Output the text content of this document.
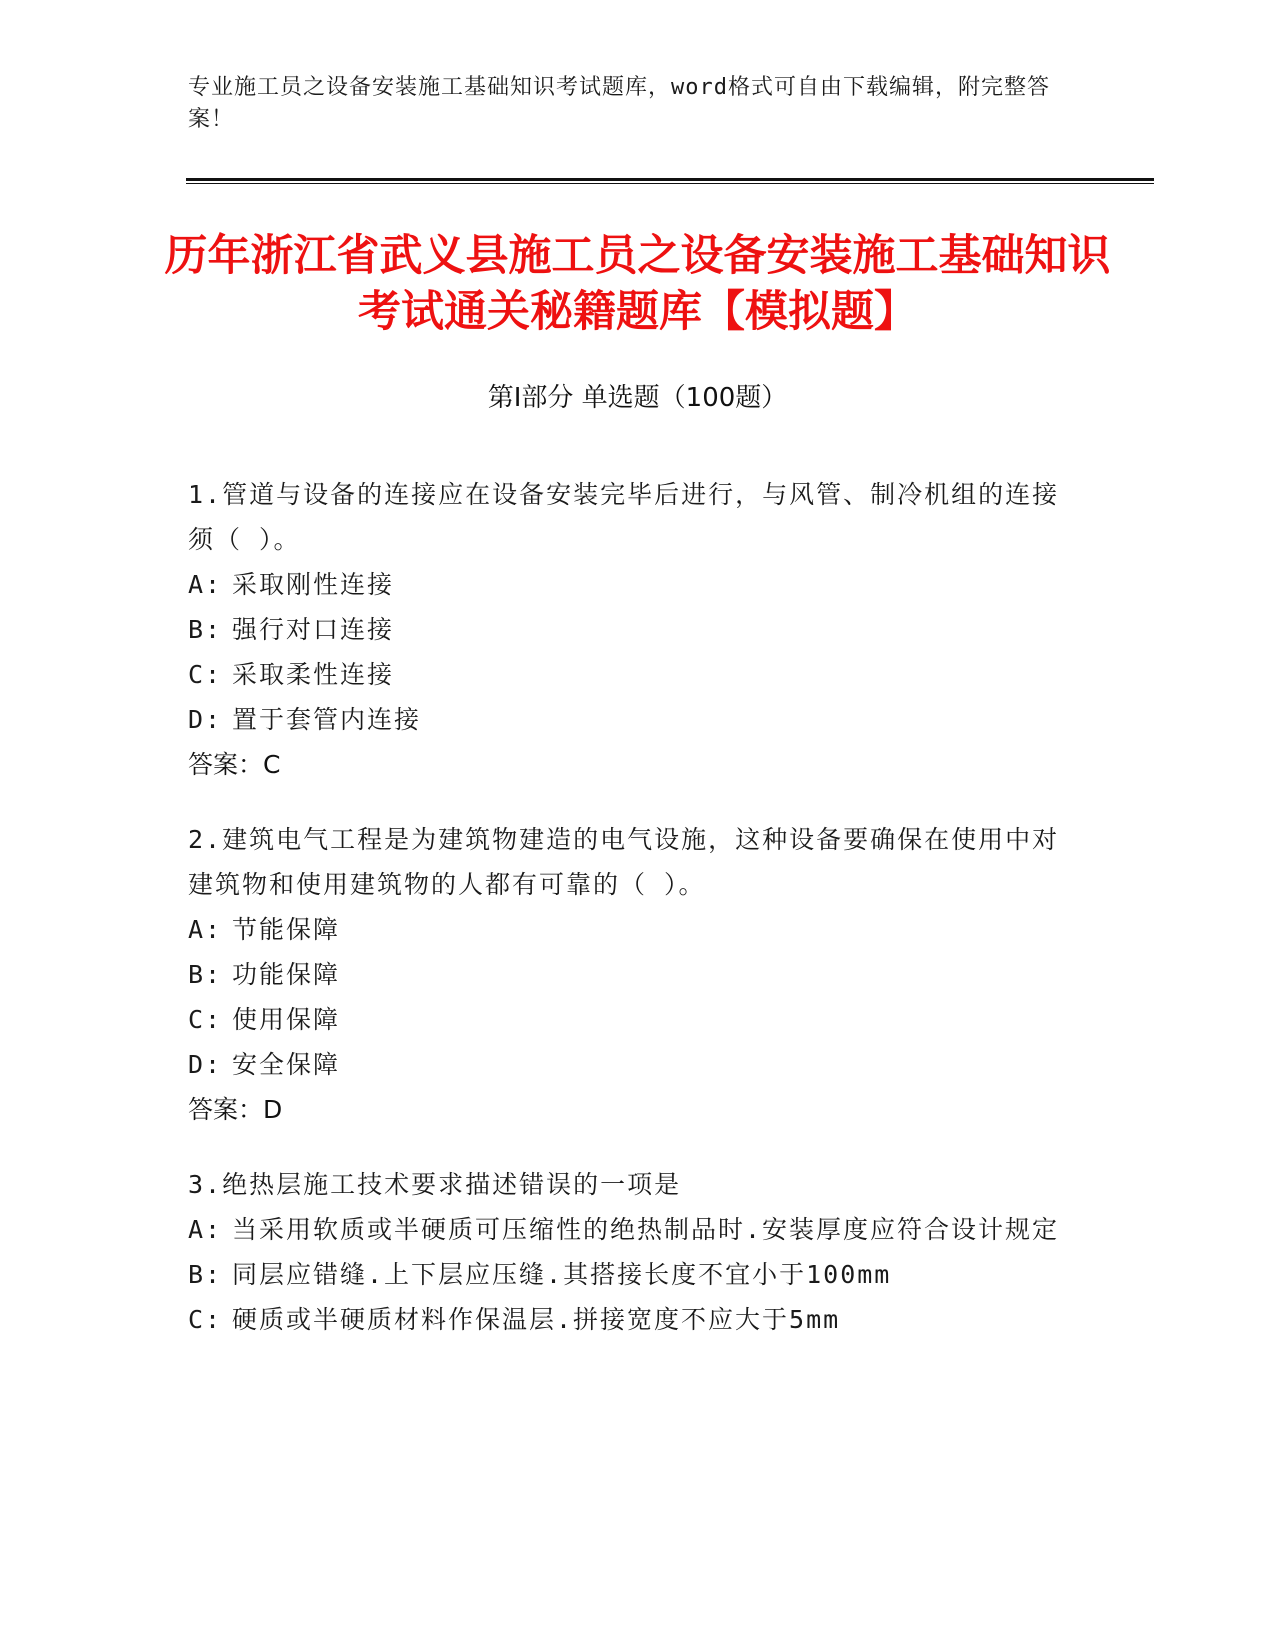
专业施工员之设备安装施工基础知识考试题库，word格式可自由下载编辑，附完整答案！
历年浙江省武义县施工员之设备安装施工基础知识考试通关秘籍题库【模拟题】
第Ⅰ部分 单选题（100题）
1.管道与设备的连接应在设备安装完毕后进行，与风管、制冷机组的连接须（ ）。
A: 采取刚性连接
B: 强行对口连接
C: 采取柔性连接
D: 置于套管内连接
答案：C
2.建筑电气工程是为建筑物建造的电气设施，这种设备要确保在使用中对建筑物和使用建筑物的人都有可靠的（ ）。
A: 节能保障
B: 功能保障
C: 使用保障
D: 安全保障
答案：D
3.绝热层施工技术要求描述错误的一项是
A: 当采用软质或半硬质可压缩性的绝热制品时.安装厚度应符合设计规定
B: 同层应错缝.上下层应压缝.其搭接长度不宜小于100mm
C: 硬质或半硬质材料作保温层.拼接宽度不应大于5mm
